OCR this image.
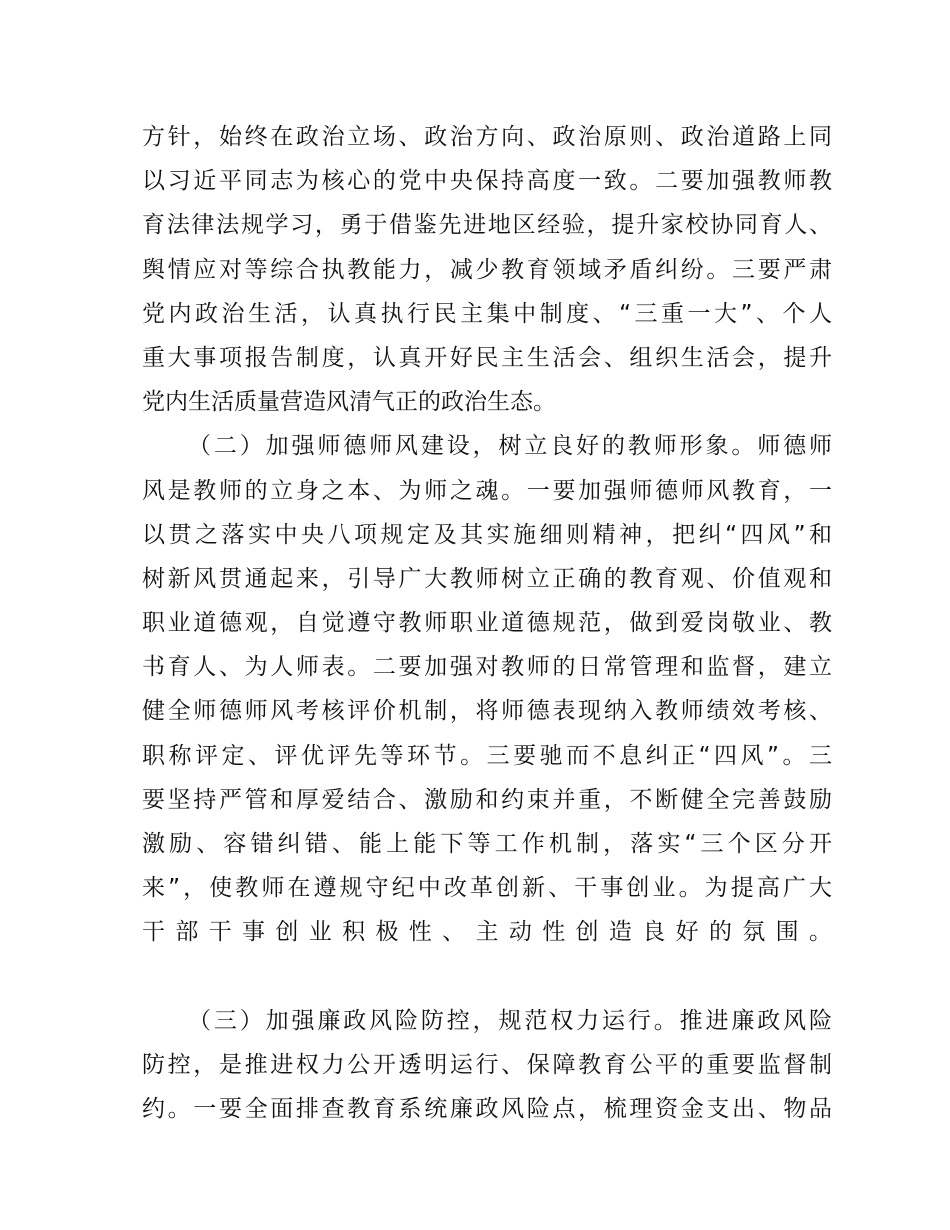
方针，始终在政治立场、政治方向、政治原则、政治道路上同
以习近平同志为核心的党中央保持高度一致。二要加强教师教
育法律法规学习，勇于借鉴先进地区经验，提升家校协同育人、
舆情应对等综合执教能力，减少教育领域矛盾纠纷。三要严肃
党内政治生活，认真执行民主集中制度、“三重一大”、个人
重大事项报告制度，认真开好民主生活会、组织生活会，提升
党内生活质量营造风清气正的政治生态。
（二）加强师德师风建设，树立良好的教师形象。师德师
风是教师的立身之本、为师之魂。一要加强师德师风教育，一
以贯之落实中央八项规定及其实施细则精神，把纠“四风”和
树新风贯通起来，引导广大教师树立正确的教育观、价值观和
职业道德观，自觉遵守教师职业道德规范，做到爱岗敬业、教
书育人、为人师表。二要加强对教师的日常管理和监督，建立
健全师德师风考核评价机制，将师德表现纳入教师绩效考核、
职称评定、评优评先等环节。三要驰而不息纠正“四风”。三
要坚持严管和厚爱结合、激励和约束并重，不断健全完善鼓励
激励、容错纠错、能上能下等工作机制，落实“三个区分开
来”，使教师在遵规守纪中改革创新、干事创业。为提高广大
干部干事创业积极性、主动性创造良好的氛围。
（三）加强廉政风险防控，规范权力运行。推进廉政风险
防控，是推进权力公开透明运行、保障教育公平的重要监督制
约。一要全面排查教育系统廉政风险点，梳理资金支出、物品
